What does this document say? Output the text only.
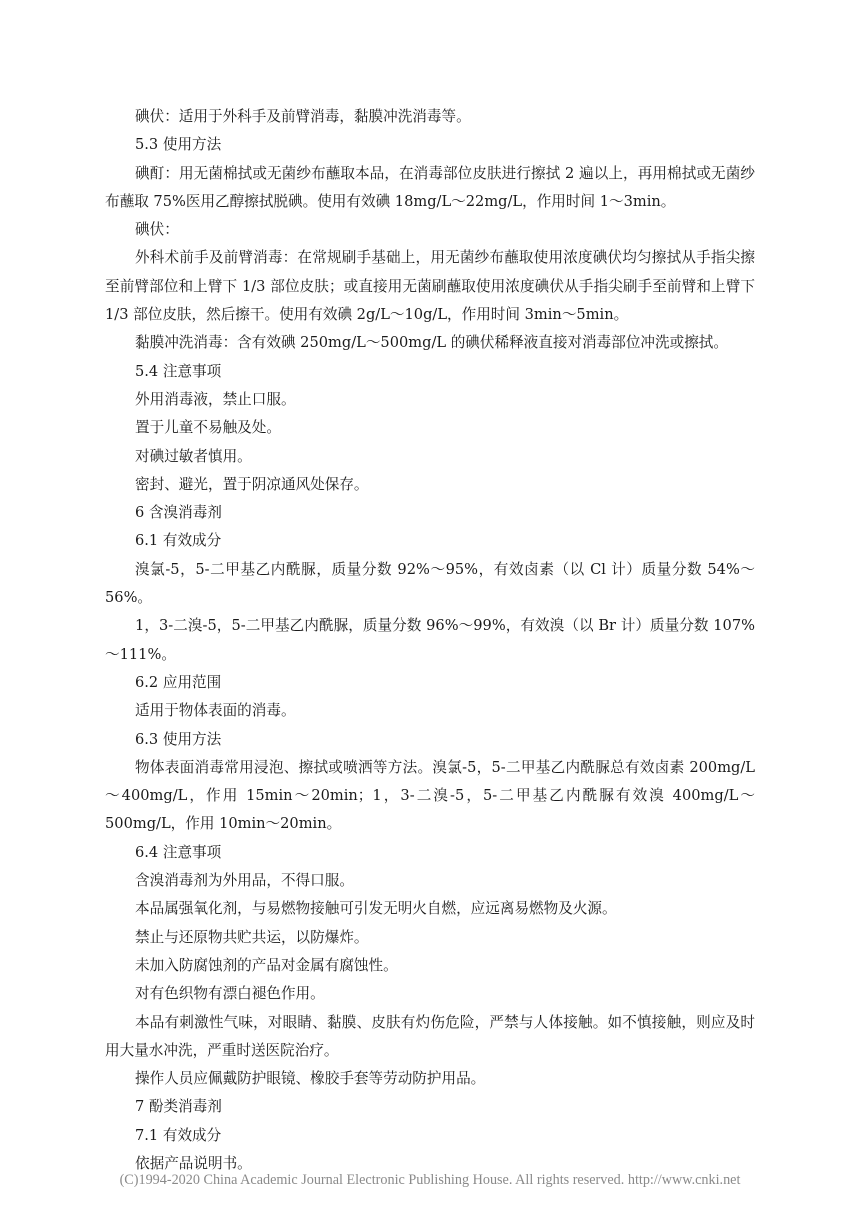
碘伏：适用于外科手及前臂消毒，黏膜冲洗消毒等。

5.3 使用方法

碘酊：用无菌棉拭或无菌纱布蘸取本品，在消毒部位皮肤进行擦拭 2 遍以上，再用棉拭或无菌纱布蘸取 75%医用乙醇擦拭脱碘。使用有效碘 18mg/L～22mg/L，作用时间 1～3min。

碘伏：

外科术前手及前臂消毒：在常规刷手基础上，用无菌纱布蘸取使用浓度碘伏均匀擦拭从手指尖擦至前臂部位和上臂下 1/3 部位皮肤；或直接用无菌刷蘸取使用浓度碘伏从手指尖刷手至前臂和上臂下 1/3 部位皮肤，然后擦干。使用有效碘 2g/L～10g/L，作用时间 3min～5min。

黏膜冲洗消毒：含有效碘 250mg/L～500mg/L 的碘伏稀释液直接对消毒部位冲洗或擦拭。

5.4 注意事项

外用消毒液，禁止口服。

置于儿童不易触及处。

对碘过敏者慎用。

密封、避光，置于阴凉通风处保存。

6 含溴消毒剂

6.1 有效成分

溴氯-5，5-二甲基乙内酰脲，质量分数 92%～95%，有效卤素（以 Cl 计）质量分数 54%～56%。

1，3-二溴-5，5-二甲基乙内酰脲，质量分数 96%～99%，有效溴（以 Br 计）质量分数 107%～111%。

6.2 应用范围

适用于物体表面的消毒。

6.3 使用方法

物体表面消毒常用浸泡、擦拭或喷洒等方法。溴氯-5，5-二甲基乙内酰脲总有效卤素 200mg/L～400mg/L，作用 15min～20min；1，3-二溴-5，5-二甲基乙内酰脲有效溴 400mg/L～500mg/L，作用 10min～20min。

6.4 注意事项

含溴消毒剂为外用品，不得口服。

本品属强氧化剂，与易燃物接触可引发无明火自燃，应远离易燃物及火源。

禁止与还原物共贮共运，以防爆炸。

未加入防腐蚀剂的产品对金属有腐蚀性。

对有色织物有漂白褪色作用。

本品有刺激性气味，对眼睛、黏膜、皮肤有灼伤危险，严禁与人体接触。如不慎接触，则应及时用大量水冲洗，严重时送医院治疗。

操作人员应佩戴防护眼镜、橡胶手套等劳动防护用品。

7 酚类消毒剂

7.1 有效成分

依据产品说明书。

(C)1994-2020 China Academic Journal Electronic Publishing House. All rights reserved. http://www.cnki.net
